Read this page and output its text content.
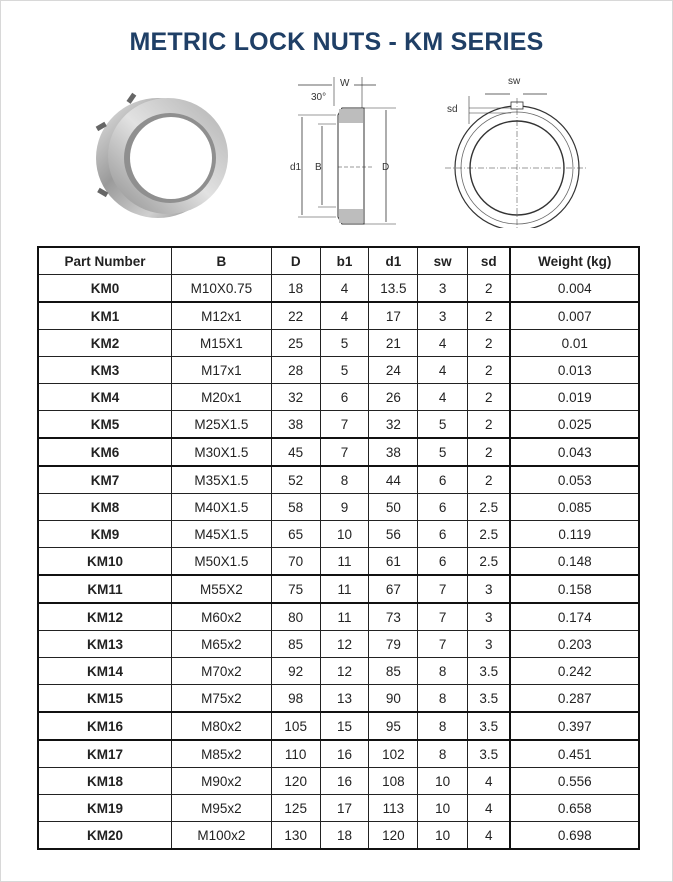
METRIC LOCK NUTS - KM SERIES
W
30°
d1 B	D
sw
sd
Part Number	B	D	b1	d1	sw	sd	Weight (kg)
KM0	M10X0.75	18	4	13.5	3	2	0.004
KM1	M12x1	22	4	17	3	2	0.007
KM2	M15X1	25	5	21	4	2	0.01
KM3	M17x1	28	5	24	4	2	0.013
KM4	M20x1	32	6	26	4	2	0.019
KM5	M25X1.5	38	7	32	5	2	0.025
KM6	M30X1.5	45	7	38	5	2	0.043
KM7	M35X1.5	52	8	44	6	2	0.053
KM8	M40X1.5	58	9	50	6	2.5	0.085
KM9	M45X1.5	65	10	56	6	2.5	0.119
KM10	M50X1.5	70	11	61	6	2.5	0.148
KM11	M55X2	75	11	67	7	3	0.158
KM12	M60x2	80	11	73	7	3	0.174
KM13	M65x2	85	12	79	7	3	0.203
KM14	M70x2	92	12	85	8	3.5	0.242
KM15	M75x2	98	13	90	8	3.5	0.287
KM16	M80x2	105	15	95	8	3.5	0.397
KM17	M85x2	110	16	102	8	3.5	0.451
KM18	M90x2	120	16	108	10	4	0.556
KM19	M95x2	125	17	113	10	4	0.658
KM20	M100x2	130	18	120	10	4	0.698
